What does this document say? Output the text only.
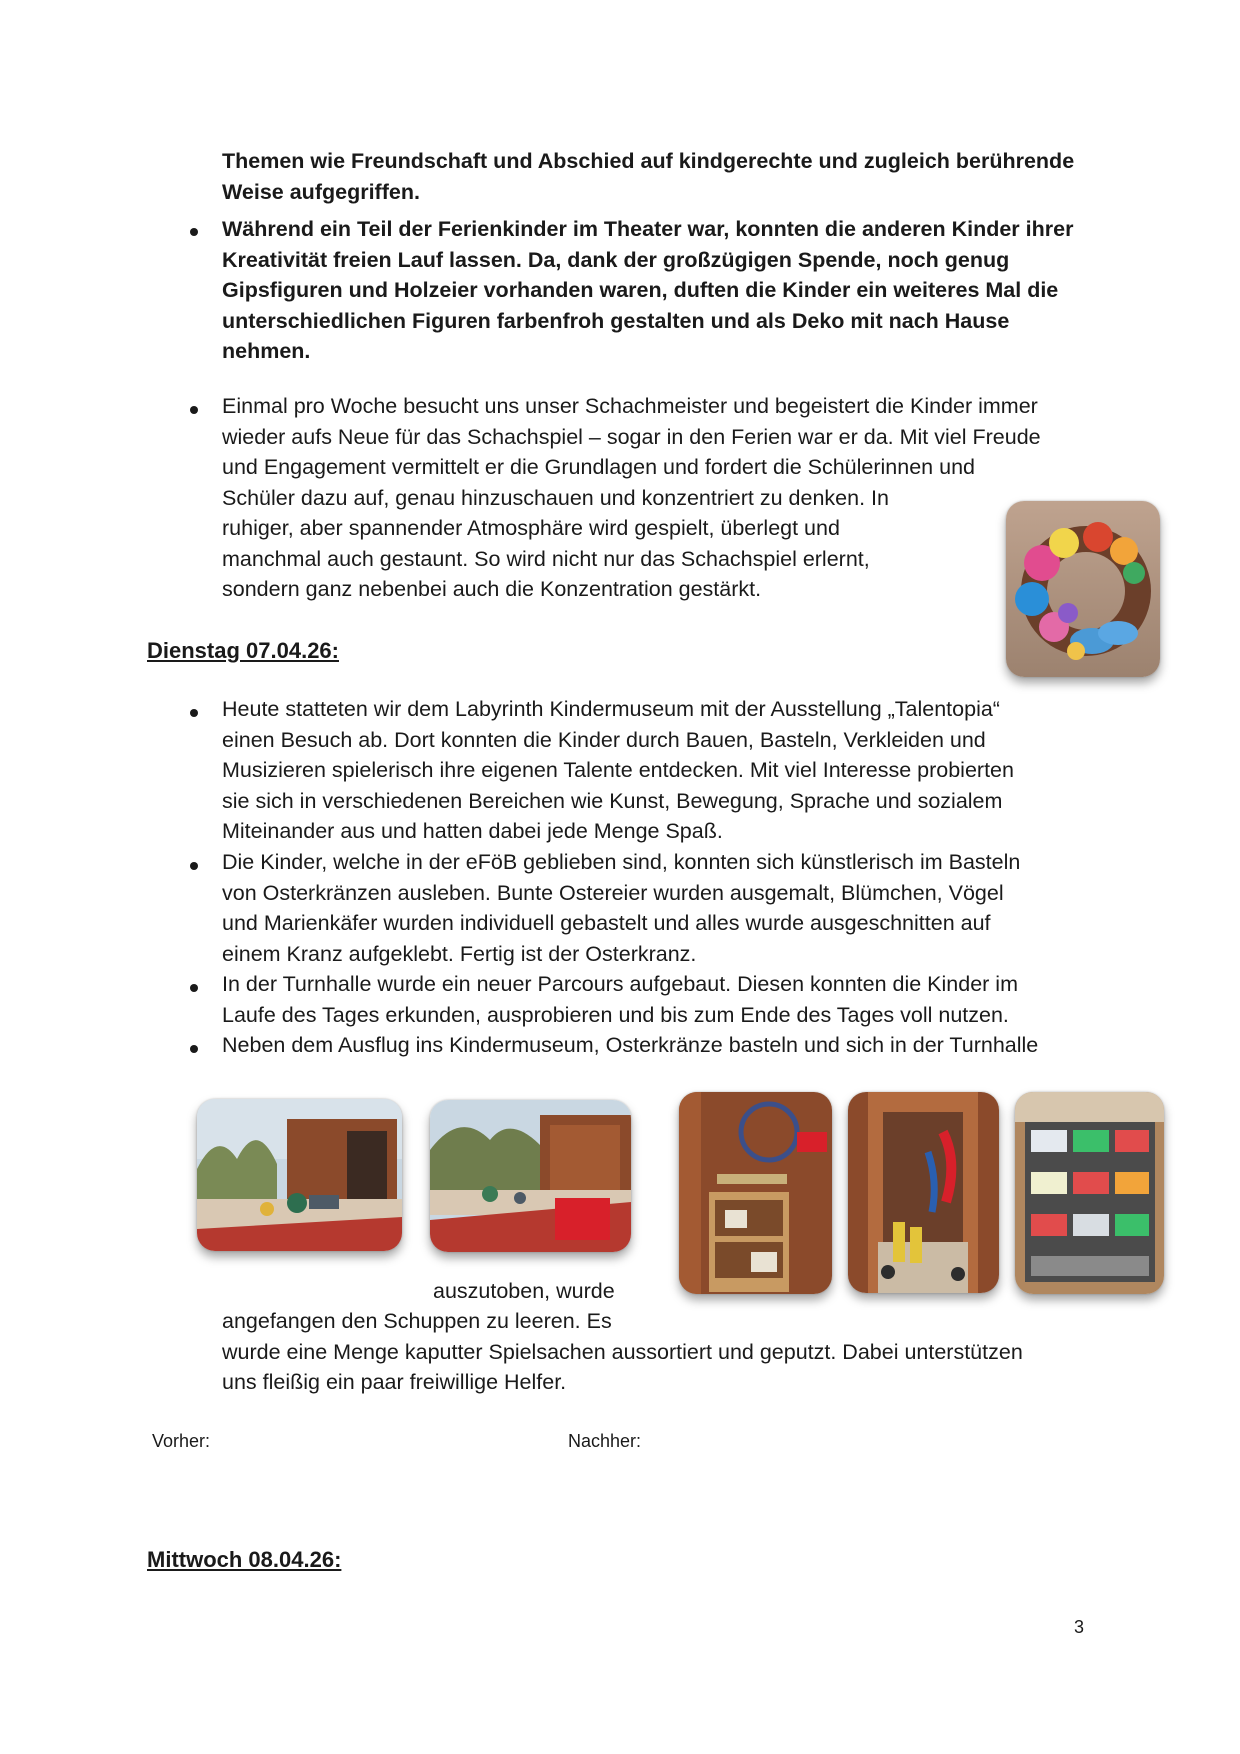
Themen wie Freundschaft und Abschied auf kindgerechte und zugleich berührende
Weise aufgegriffen.
Während ein Teil der Ferienkinder im Theater war, konnten die anderen Kinder ihrer
Kreativität freien Lauf lassen. Da, dank der großzügigen Spende, noch genug
Gipsfiguren und Holzeier vorhanden waren, duften die Kinder ein weiteres Mal die
unterschiedlichen Figuren farbenfroh gestalten und als Deko mit nach Hause
nehmen.
Einmal pro Woche besucht uns unser Schachmeister und begeistert die Kinder immer
wieder aufs Neue für das Schachspiel – sogar in den Ferien war er da. Mit viel Freude
und Engagement vermittelt er die Grundlagen und fordert die Schülerinnen und
Schüler dazu auf, genau hinzuschauen und konzentriert zu denken. In
ruhiger, aber spannender Atmosphäre wird gespielt, überlegt und
manchmal auch gestaunt. So wird nicht nur das Schachspiel erlernt,
sondern ganz nebenbei auch die Konzentration gestärkt.
Dienstag 07.04.26:
Heute statteten wir dem Labyrinth Kindermuseum mit der Ausstellung „Talentopia“
einen Besuch ab. Dort konnten die Kinder durch Bauen, Basteln, Verkleiden und
Musizieren spielerisch ihre eigenen Talente entdecken. Mit viel Interesse probierten
sie sich in verschiedenen Bereichen wie Kunst, Bewegung, Sprache und sozialem
Miteinander aus und hatten dabei jede Menge Spaß.
Die Kinder, welche in der eFöB geblieben sind, konnten sich künstlerisch im Basteln
von Osterkränzen ausleben. Bunte Ostereier wurden ausgemalt, Blümchen, Vögel
und Marienkäfer wurden individuell gebastelt und alles wurde ausgeschnitten auf
einem Kranz aufgeklebt. Fertig ist der Osterkranz.
In der Turnhalle wurde ein neuer Parcours aufgebaut. Diesen konnten die Kinder im
Laufe des Tages erkunden, ausprobieren und bis zum Ende des Tages voll nutzen.
Neben dem Ausflug ins Kindermuseum, Osterkränze basteln und sich in der Turnhalle
auszutoben, wurde
angefangen den Schuppen zu leeren. Es
wurde eine Menge kaputter Spielsachen aussortiert und geputzt. Dabei unterstützen
uns fleißig ein paar freiwillige Helfer.
Vorher:	Nachher:
Mittwoch 08.04.26:
3
